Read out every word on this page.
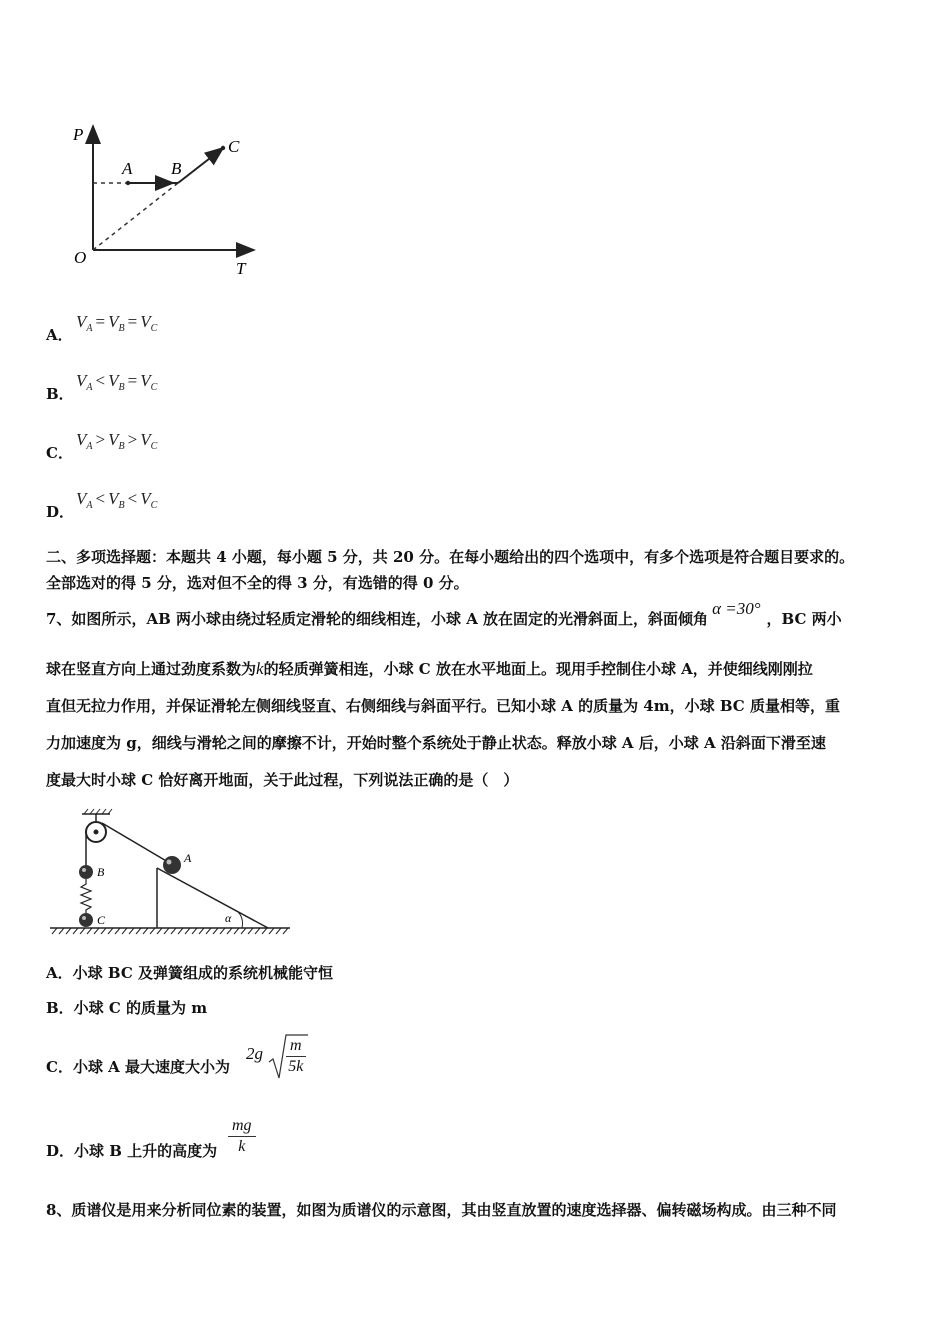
P
T
O
A B
C
A．
$V_A = V_B = V_C$
B．
$V_A < V_B = V_C$
C．
$V_A > V_B > V_C$
D．
$V_A < V_B < V_C$
二、多项选择题：本题共 4 小题，每小题 5 分，共 20 分。在每小题给出的四个选项中，有多个选项是符合题目要求的。
全部选对的得 5 分，选对但不全的得 3 分，有选错的得 0 分。
7、如图所示，AB 两小球由绕过轻质定滑轮的细线相连，小球 A 放在固定的光滑斜面上，斜面倾角α =30°，BC 两小
球在竖直方向上通过劲度系数为k的轻质弹簧相连，小球 C 放在水平地面上。现用手控制住小球 A，并使细线刚刚拉
直但无拉力作用，并保证滑轮左侧细线竖直、右侧细线与斜面平行。已知小球 A 的质量为 4m，小球 BC 质量相等，重
力加速度为 g，细线与滑轮之间的摩擦不计，开始时整个系统处于静止状态。释放小球 A 后，小球 A 沿斜面下滑至速
度最大时小球 C 恰好离开地面，关于此过程，下列说法正确的是（　）
A
B
C	α
A．小球 BC 及弹簧组成的系统机械能守恒
B．小球 C 的质量为 m
C．小球 A 最大速度大小为
$2g \frac{m}{5k}$
D．小球 B 上升的高度为 $\frac{mg}{k}$
8、质谱仪是用来分析同位素的装置，如图为质谱仪的示意图，其由竖直放置的速度选择器、偏转磁场构成。由三种不同
